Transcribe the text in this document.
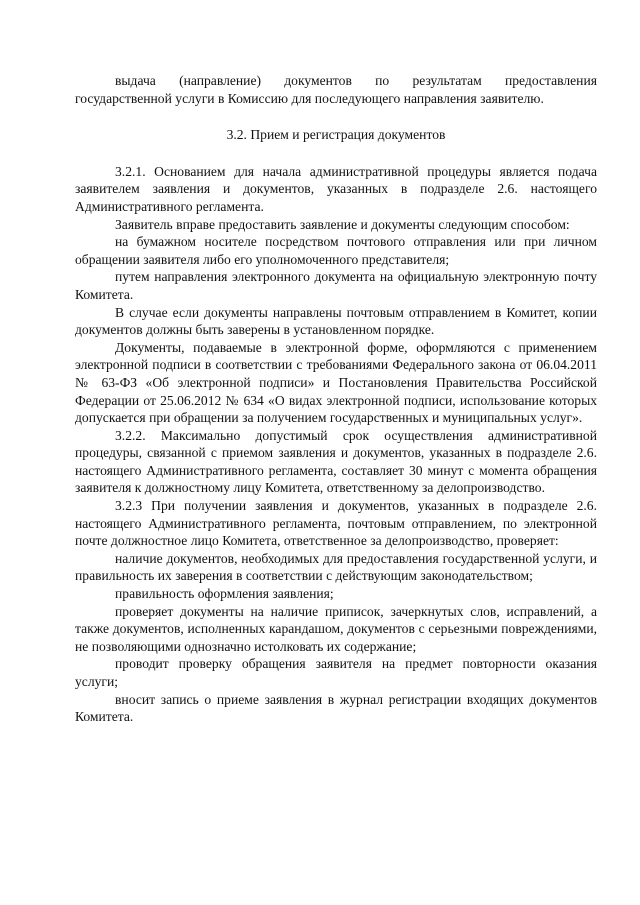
выдача (направление) документов по результатам предоставления государственной услуги в Комиссию для последующего направления заявителю.

3.2. Прием и регистрация документов

3.2.1. Основанием для начала административной процедуры является подача заявителем заявления и документов, указанных в подразделе 2.6. настоящего Административного регламента.

Заявитель вправе предоставить заявление и документы следующим способом:

на бумажном носителе посредством почтового отправления или при личном обращении заявителя либо его уполномоченного представителя;

путем направления электронного документа на официальную электронную почту Комитета.

В случае если документы направлены почтовым отправлением в Комитет, копии документов должны быть заверены в установленном порядке.

Документы, подаваемые в электронной форме, оформляются с применением электронной подписи в соответствии с требованиями Федерального закона от 06.04.2011 № 63-ФЗ «Об электронной подписи» и Постановления Правительства Российской Федерации от 25.06.2012 № 634 «О видах электронной подписи, использование которых допускается при обращении за получением государственных и муниципальных услуг».

3.2.2. Максимально допустимый срок осуществления административной процедуры, связанной с приемом заявления и документов, указанных в подразделе 2.6. настоящего Административного регламента, составляет 30 минут с момента обращения заявителя к должностному лицу Комитета, ответственному за делопроизводство.

3.2.3 При получении заявления и документов, указанных в подразделе 2.6. настоящего Административного регламента, почтовым отправлением, по электронной почте должностное лицо Комитета, ответственное за делопроизводство, проверяет:

наличие документов, необходимых для предоставления государственной услуги, и правильность их заверения в соответствии с действующим законодательством;

правильность оформления заявления;

проверяет документы на наличие приписок, зачеркнутых слов, исправлений, а также документов, исполненных карандашом, документов с серьезными повреждениями, не позволяющими однозначно истолковать их содержание;

проводит проверку обращения заявителя на предмет повторности оказания услуги;

вносит запись о приеме заявления в журнал регистрации входящих документов Комитета.
